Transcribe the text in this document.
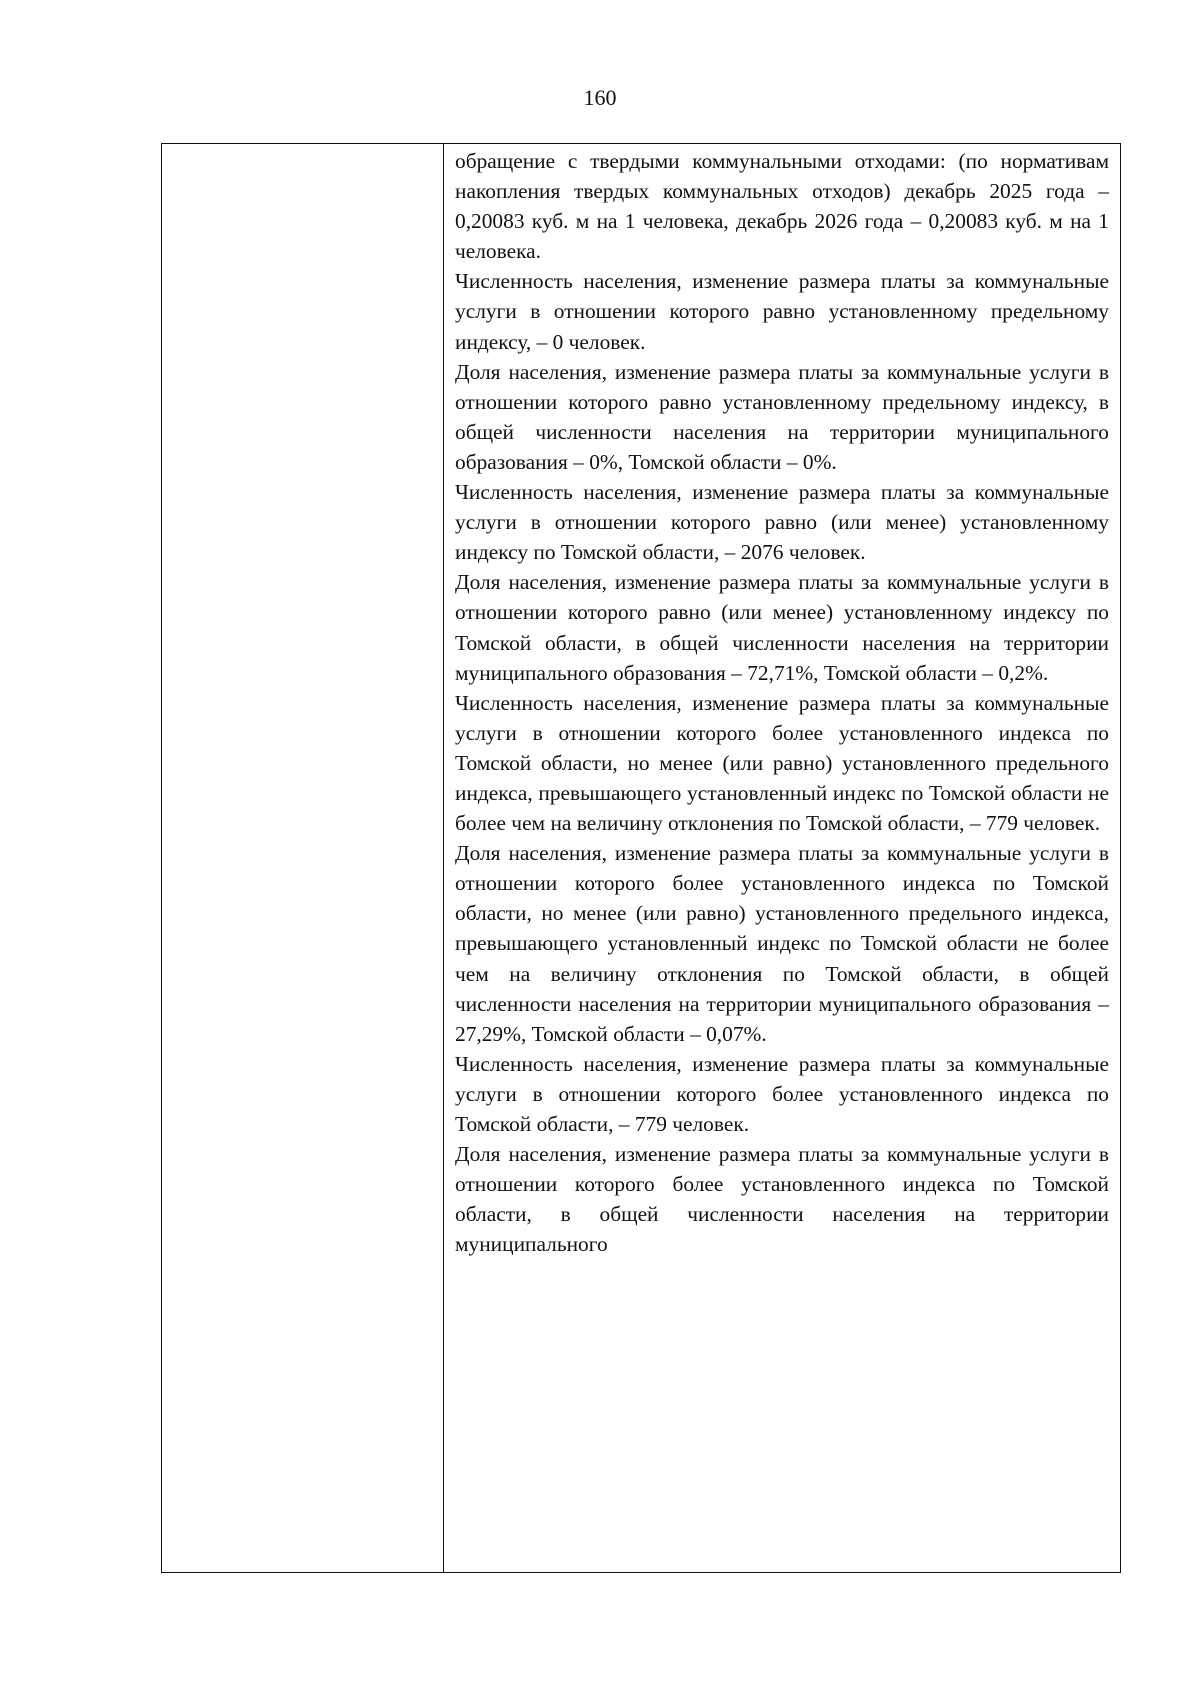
160

обращение с твердыми коммунальными отходами: (по нормативам накопления твердых коммунальных отходов) декабрь 2025 года – 0,20083 куб. м на 1 человека, декабрь 2026 года – 0,20083 куб. м на 1 человека.

Численность населения, изменение размера платы за коммунальные услуги в отношении которого равно установленному предельному индексу, – 0 человек.

Доля населения, изменение размера платы за коммунальные услуги в отношении которого равно установленному предельному индексу, в общей численности населения на территории муниципального образования – 0%, Томской области – 0%.

Численность населения, изменение размера платы за коммунальные услуги в отношении которого равно (или менее) установленному индексу по Томской области, – 2076 человек.

Доля населения, изменение размера платы за коммунальные услуги в отношении которого равно (или менее) установленному индексу по Томской области, в общей численности населения на территории муниципального образования – 72,71%, Томской области – 0,2%.

Численность населения, изменение размера платы за коммунальные услуги в отношении которого более установленного индекса по Томской области, но менее (или равно) установленного предельного индекса, превышающего установленный индекс по Томской области не более чем на величину отклонения по Томской области, – 779 человек.

Доля населения, изменение размера платы за коммунальные услуги в отношении которого более установленного индекса по Томской области, но менее (или равно) установленного предельного индекса, превышающего установленный индекс по Томской области не более чем на величину отклонения по Томской области, в общей численности населения на территории муниципального образования – 27,29%, Томской области – 0,07%.

Численность населения, изменение размера платы за коммунальные услуги в отношении которого более установленного индекса по Томской области, – 779 человек.

Доля населения, изменение размера платы за коммунальные услуги в отношении которого более установленного индекса по Томской области, в общей численности населения на территории муниципального
